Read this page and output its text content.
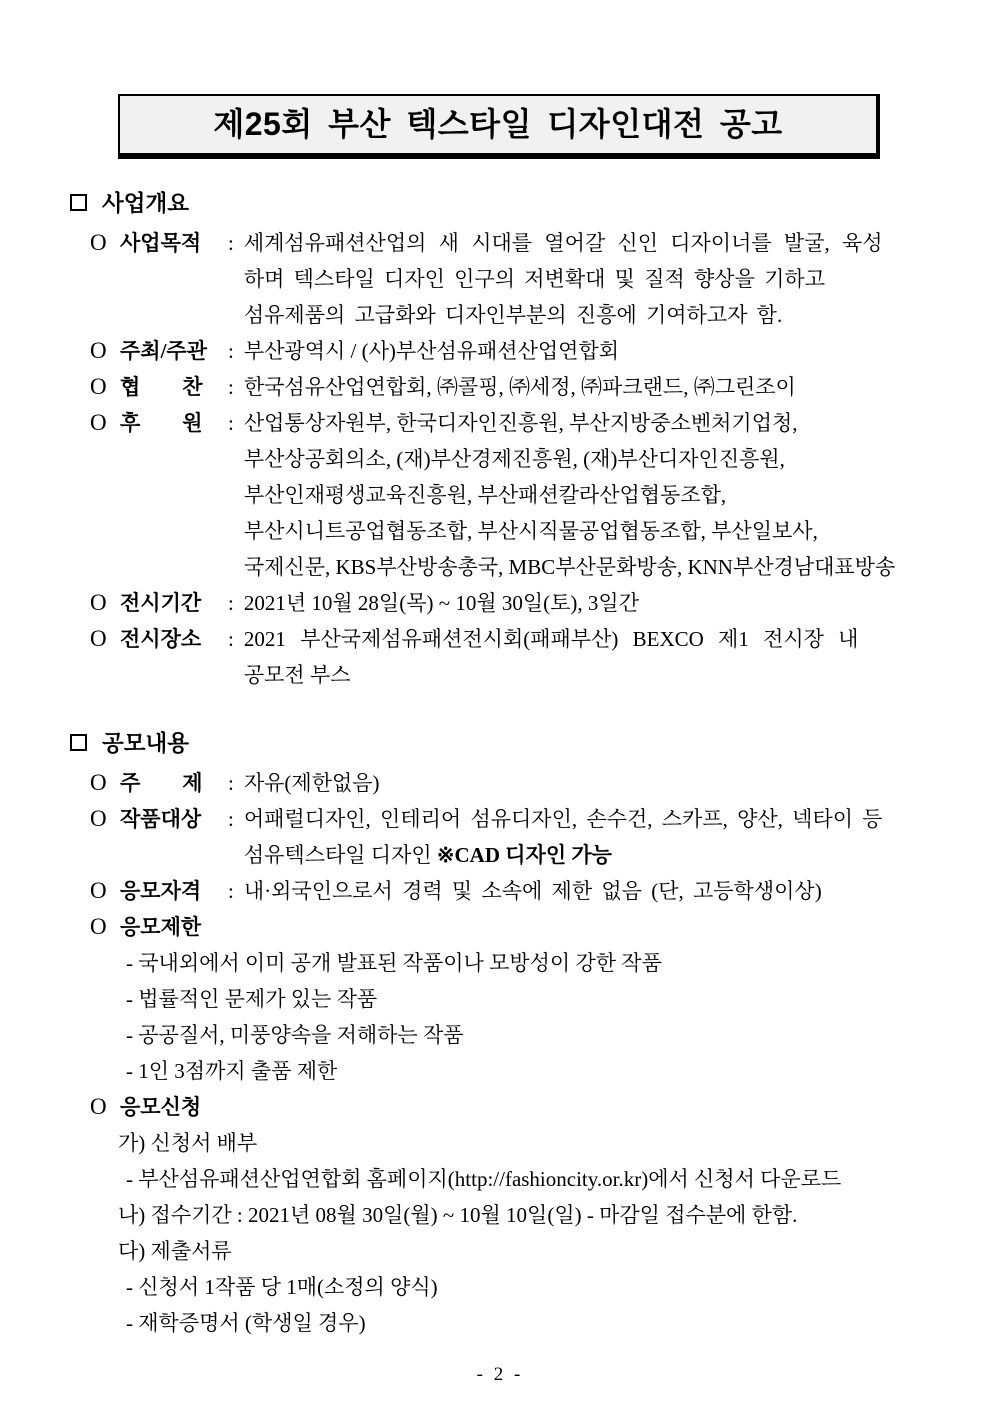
제25회 부산 텍스타일 디자인대전 공고
사업개요
O 사업목적	: 세계섬유패션산업의 새 시대를 열어갈 신인 디자이너를 발굴, 육성
하며 텍스타일 디자인 인구의 저변확대 및 질적 향상을 기하고
섬유제품의 고급화와 디자인부분의 진흥에 기여하고자 함.
O 주최/주관	: 부산광역시 / (사)부산섬유패션산업연합회
O 협　　찬	: 한국섬유산업연합회, ㈜콜핑, ㈜세정, ㈜파크랜드, ㈜그린조이
O 후　　원	: 산업통상자원부, 한국디자인진흥원, 부산지방중소벤처기업청,
부산상공회의소, (재)부산경제진흥원, (재)부산디자인진흥원,
부산인재평생교육진흥원, 부산패션칼라산업협동조합,
부산시니트공업협동조합, 부산시직물공업협동조합, 부산일보사,
국제신문, KBS부산방송총국, MBC부산문화방송, KNN부산경남대표방송
O 전시기간	: 2021년 10월 28일(목) ~ 10월 30일(토), 3일간
O 전시장소	: 2021 부산국제섬유패션전시회(패패부산) BEXCO 제1 전시장 내
공모전 부스
공모내용
O 주　　제	: 자유(제한없음)
O 작품대상	: 어패럴디자인, 인테리어 섬유디자인, 손수건, 스카프, 양산, 넥타이 등
섬유텍스타일 디자인 ※CAD 디자인 가능
O 응모자격	: 내·외국인으로서 경력 및 소속에 제한 없음 (단, 고등학생이상)
O 응모제한
- 국내외에서 이미 공개 발표된 작품이나 모방성이 강한 작품
- 법률적인 문제가 있는 작품
- 공공질서, 미풍양속을 저해하는 작품
- 1인 3점까지 출품 제한
O 응모신청
가) 신청서 배부
- 부산섬유패션산업연합회 홈페이지(http://fashioncity.or.kr)에서 신청서 다운로드
나) 접수기간 : 2021년 08월 30일(월) ~ 10월 10일(일) - 마감일 접수분에 한함.
다) 제출서류
- 신청서 1작품 당 1매(소정의 양식)
- 재학증명서 (학생일 경우)
- 2 -
